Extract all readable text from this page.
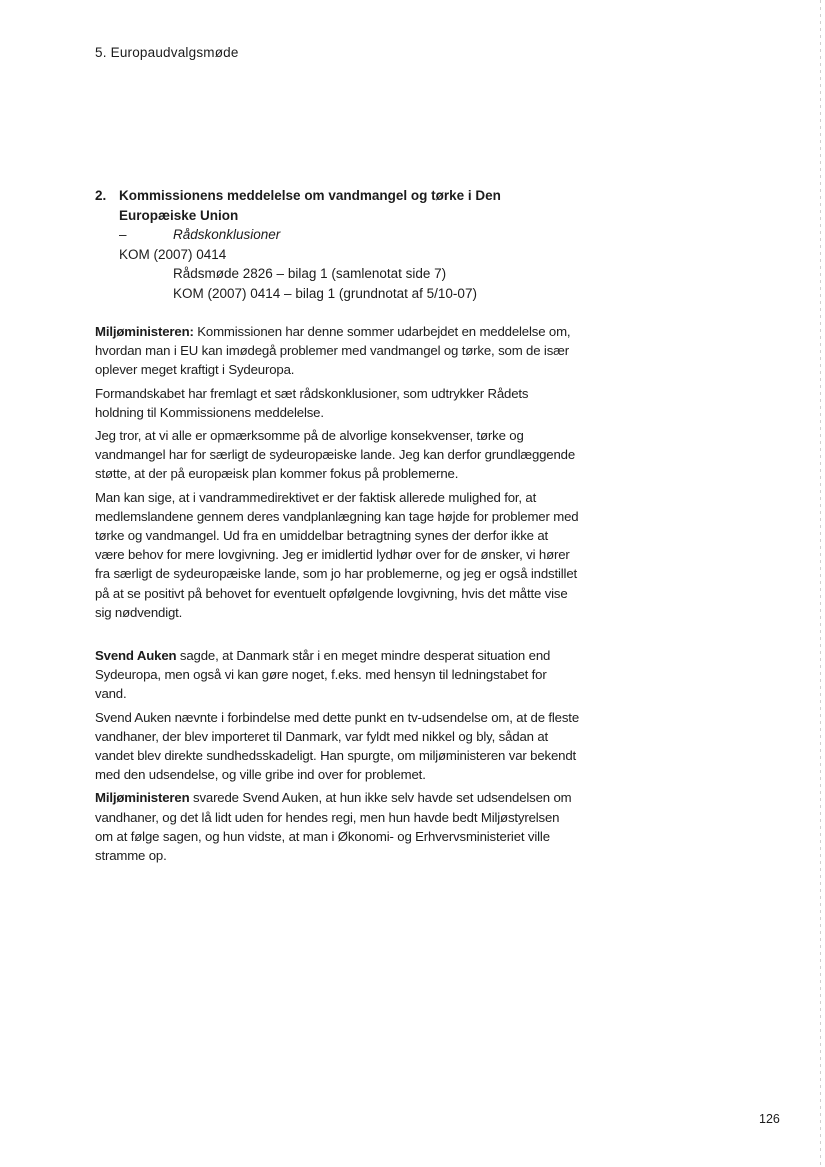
5. Europaudvalgsmøde
2. Kommissionens meddelelse om vandmangel og tørke i Den
Europæiske Union
–	Rådskonklusioner
KOM (2007) 0414
Rådsmøde 2826 – bilag 1 (samlenotat side 7)
KOM (2007) 0414 – bilag 1 (grundnotat af 5/10-07)

Miljøministeren: Kommissionen har denne sommer udarbejdet en meddelelse om, hvordan man i EU kan imødegå problemer med vandmangel og tørke, som de især oplever meget kraftigt i Sydeuropa.

Formandskabet har fremlagt et sæt rådskonklusioner, som udtrykker Rådets holdning til Kommissionens meddelelse.

Jeg tror, at vi alle er opmærksomme på de alvorlige konsekvenser, tørke og vandmangel har for særligt de sydeuropæiske lande. Jeg kan derfor grundlæggende støtte, at der på europæisk plan kommer fokus på problemerne.

Man kan sige, at i vandrammedirektivet er der faktisk allerede mulighed for, at medlemslandene gennem deres vandplanlægning kan tage højde for problemer med tørke og vandmangel. Ud fra en umiddelbar betragtning synes der derfor ikke at være behov for mere lovgivning. Jeg er imidlertid lydhør over for de ønsker, vi hører fra særligt de sydeuropæiske lande, som jo har problemerne, og jeg er også indstillet på at se positivt på behovet for eventuelt opfølgende lovgivning, hvis det måtte vise sig nødvendigt.

Svend Auken sagde, at Danmark står i en meget mindre desperat situation end Sydeuropa, men også vi kan gøre noget, f.eks. med hensyn til ledningstabet for vand.

Svend Auken nævnte i forbindelse med dette punkt en tv-udsendelse om, at de fleste vandhaner, der blev importeret til Danmark, var fyldt med nikkel og bly, sådan at vandet blev direkte sundhedsskadeligt. Han spurgte, om miljøministeren var bekendt med den udsendelse, og ville gribe ind over for problemet.

Miljøministeren svarede Svend Auken, at hun ikke selv havde set udsendelsen om vandhaner, og det lå lidt uden for hendes regi, men hun havde bedt Miljøstyrelsen om at følge sagen, og hun vidste, at man i Økonomi- og Erhvervsministeriet ville stramme op.

126
